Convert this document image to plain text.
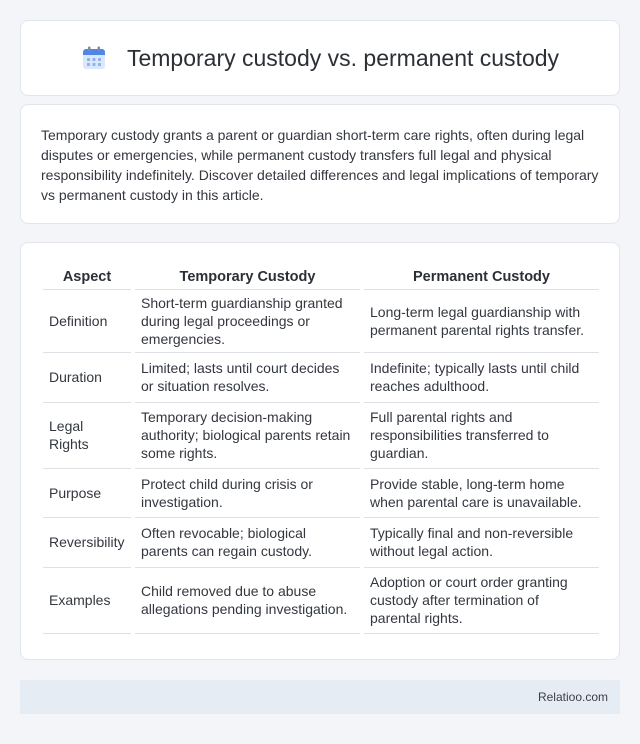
Temporary custody vs. permanent custody

Temporary custody grants a parent or guardian short-term care rights, often during legal disputes or emergencies, while permanent custody transfers full legal and physical responsibility indefinitely. Discover detailed differences and legal implications of temporary vs permanent custody in this article.

Aspect	Temporary Custody	Permanent Custody
Definition	Short-term guardianship granted during legal proceedings or emergencies.	Long-term legal guardianship with permanent parental rights transfer.
Duration	Limited; lasts until court decides or situation resolves.	Indefinite; typically lasts until child reaches adulthood.
Legal Rights	Temporary decision-making authority; biological parents retain some rights.	Full parental rights and responsibilities transferred to guardian.
Purpose	Protect child during crisis or investigation.	Provide stable, long-term home when parental care is unavailable.
Reversibility	Often revocable; biological parents can regain custody.	Typically final and non-reversible without legal action.
Examples	Child removed due to abuse allegations pending investigation.	Adoption or court order granting custody after termination of parental rights.
Relatioo.com
